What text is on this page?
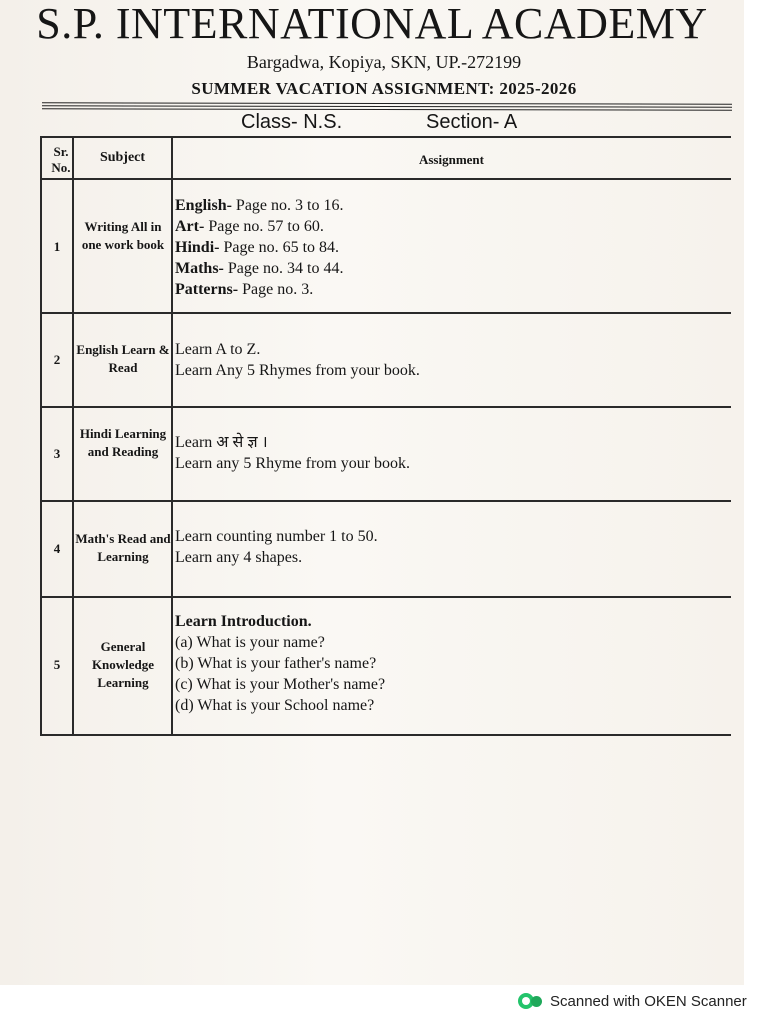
S.P. INTERNATIONAL ACADEMY

Bargadwa, Kopiya, SKN, UP.-272199

SUMMER VACATION ASSIGNMENT: 2025-2026

Class- N.S.	Section- A

Sr. No.
Subject	Assignment
1
Writing All in one work book

English- Page no. 3 to 16.

Art- Page no. 57 to 60.

Hindi- Page no. 65 to 84.

Maths- Page no. 34 to 44.

Patterns- Page no. 3.

2
English Learn & Read

Learn A to Z.

Learn Any 5 Rhymes from your book.

3
Hindi Learning and Reading

Learn अ से ज्ञ ।

Learn any 5 Rhyme from your book.

4
Math's Read and Learning

Learn counting number 1 to 50.

Learn any 4 shapes.

5
General Knowledge Learning

Learn Introduction.

(a) What is your name?

(b) What is your father's name?

(c) What is your Mother's name?

(d) What is your School name?

Scanned with OKEN Scanner
